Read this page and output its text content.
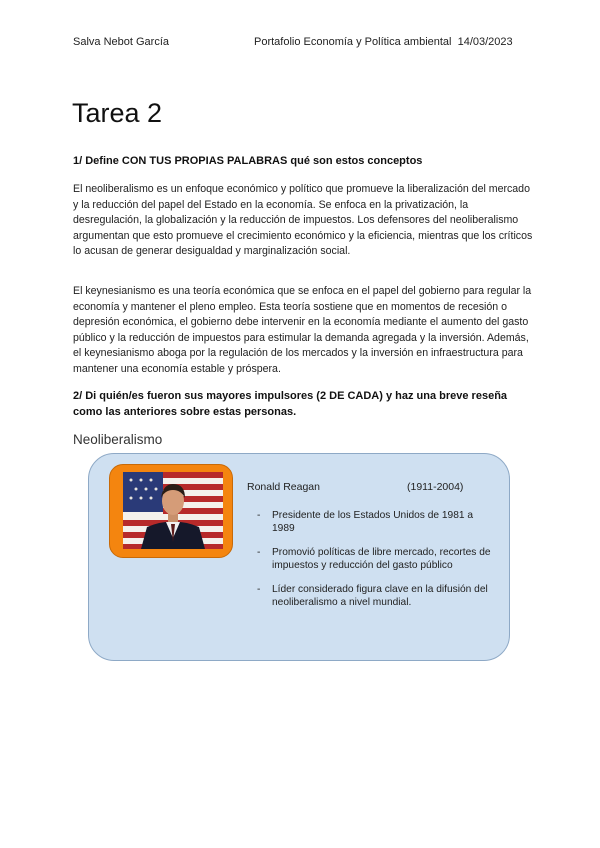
Salva Nebot García	Portafolio Economía y Política ambiental  14/03/2023
Tarea 2
1/ Define CON TUS PROPIAS PALABRAS qué son estos conceptos

El neoliberalismo es un enfoque económico y político que promueve la liberalización del mercado y la reducción del papel del Estado en la economía. Se enfoca en la privatización, la desregulación, la globalización y la reducción de impuestos. Los defensores del neoliberalismo argumentan que esto promueve el crecimiento económico y la eficiencia, mientras que los críticos lo acusan de generar desigualdad y marginalización social.

El keynesianismo es una teoría económica que se enfoca en el papel del gobierno para regular la economía y mantener el pleno empleo. Esta teoría sostiene que en momentos de recesión o depresión económica, el gobierno debe intervenir en la economía mediante el aumento del gasto público y la reducción de impuestos para estimular la demanda agregada y la inversión. Además, el keynesianismo aboga por la regulación de los mercados y la inversión en infraestructura para mantener una economía estable y próspera.

2/ Di quién/es fueron sus mayores impulsores (2 DE CADA) y haz una breve reseña como las anteriores sobre estas personas.
Neoliberalismo
Ronald Reagan	(1911-2004)
- Presidente de los Estados Unidos de 1981 a 1989
- Promovió políticas de libre mercado, recortes de impuestos y reducción del gasto público
- Líder considerado figura clave en la difusión del neoliberalismo a nivel mundial.
